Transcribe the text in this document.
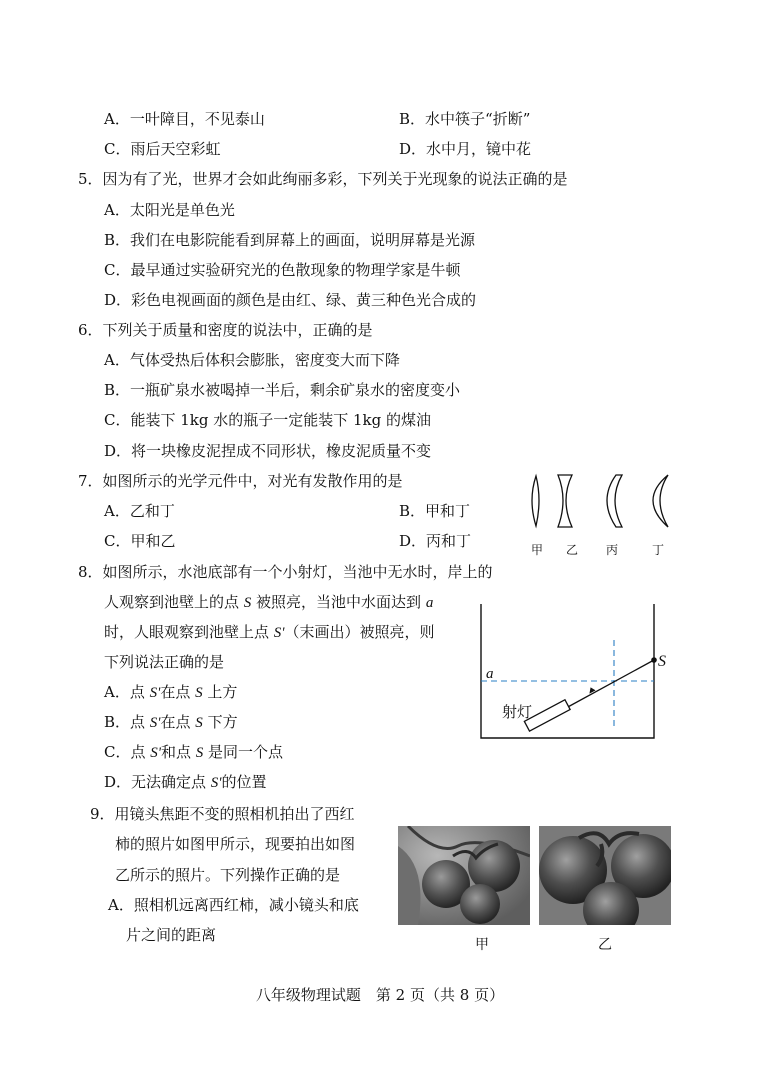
A．一叶障目，不见泰山	B．水中筷子“折断”
C．雨后天空彩虹	D．水中月，镜中花
5．因为有了光，世界才会如此绚丽多彩，下列关于光现象的说法正确的是
A．太阳光是单色光
B．我们在电影院能看到屏幕上的画面，说明屏幕是光源
C．最早通过实验研究光的色散现象的物理学家是牛顿
D．彩色电视画面的颜色是由红、绿、黄三种色光合成的
6．下列关于质量和密度的说法中，正确的是
A．气体受热后体积会膨胀，密度变大而下降
B．一瓶矿泉水被喝掉一半后，剩余矿泉水的密度变小
C．能装下 1kg 水的瓶子一定能装下 1kg 的煤油
D．将一块橡皮泥捏成不同形状，橡皮泥质量不变
7．如图所示的光学元件中，对光有发散作用的是
A．乙和丁	B．甲和丁
C．甲和乙	D．丙和丁	甲 乙 丙	丁
8．如图所示，水池底部有一个小射灯，当池中无水时，岸上的
人观察到池壁上的点 S 被照亮，当池中水面达到 a
时，人眼观察到池壁上点 S'（末画出）被照亮，则
下列说法正确的是
A．点 S'在点 S 上方
B．点 S'在点 S 下方
C．点 S'和点 S 是同一个点
D．无法确定点 S'的位置
a
S
射灯
9．用镜头焦距不变的照相机拍出了西红
柿的照片如图甲所示，现要拍出如图
乙所示的照片。下列操作正确的是
A．照相机远离西红柿，减小镜头和底
片之间的距离
甲	乙
八年级物理试题　第 2 页（共 8 页）
